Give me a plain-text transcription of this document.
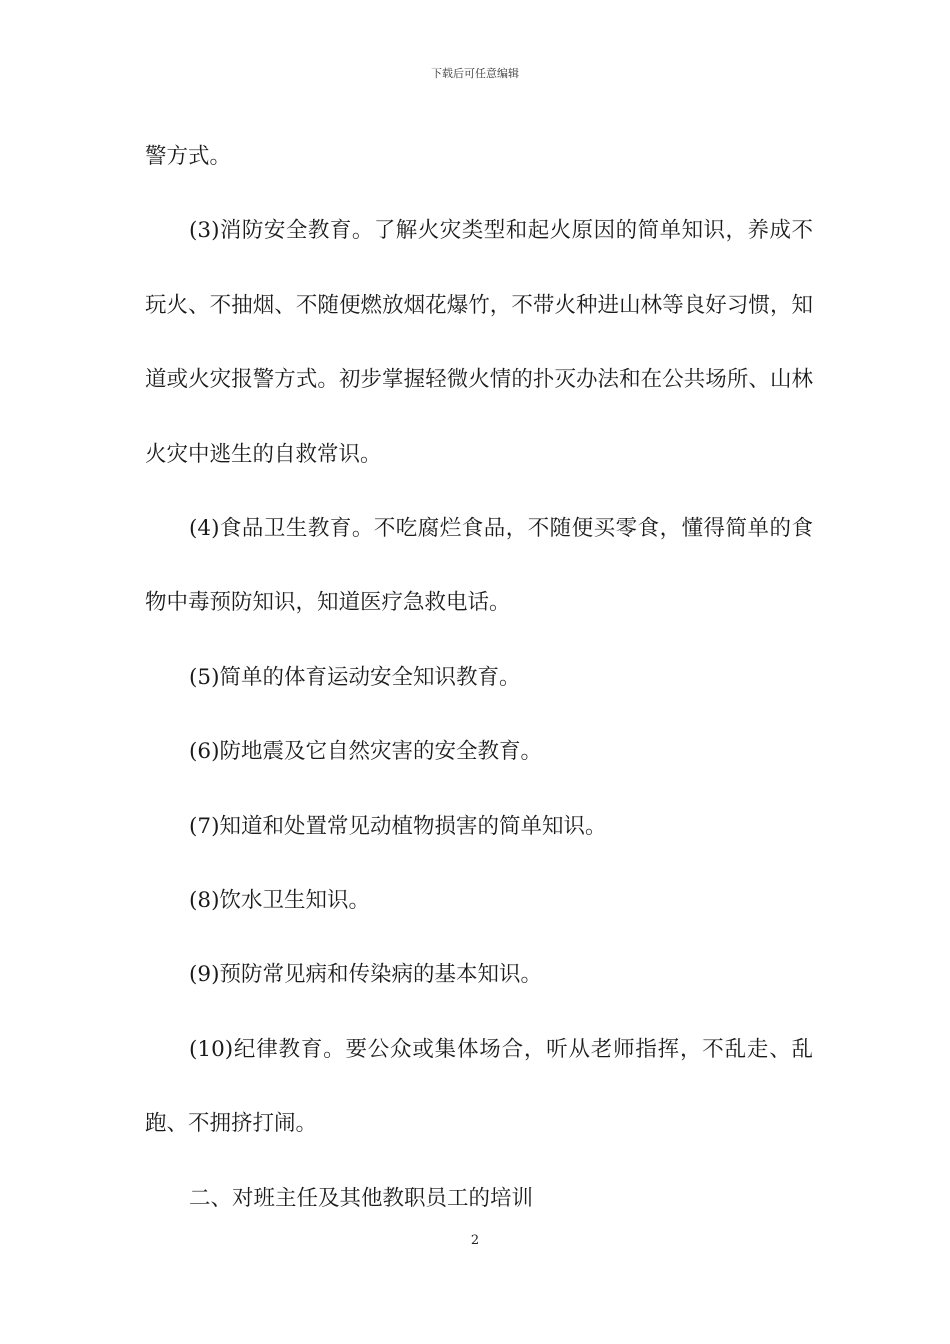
下载后可任意编辑

警方式。

(3)消防安全教育。了解火灾类型和起火原因的简单知识，养成不玩火、不抽烟、不随便燃放烟花爆竹，不带火种进山林等良好习惯，知道或火灾报警方式。初步掌握轻微火情的扑灭办法和在公共场所、山林火灾中逃生的自救常识。

(4)食品卫生教育。不吃腐烂食品，不随便买零食，懂得简单的食物中毒预防知识，知道医疗急救电话。

(5)简单的体育运动安全知识教育。

(6)防地震及它自然灾害的安全教育。

(7)知道和处置常见动植物损害的简单知识。

(8)饮水卫生知识。

(9)预防常见病和传染病的基本知识。

(10)纪律教育。要公众或集体场合，听从老师指挥，不乱走、乱跑、不拥挤打闹。

二、对班主任及其他教职员工的培训

2
